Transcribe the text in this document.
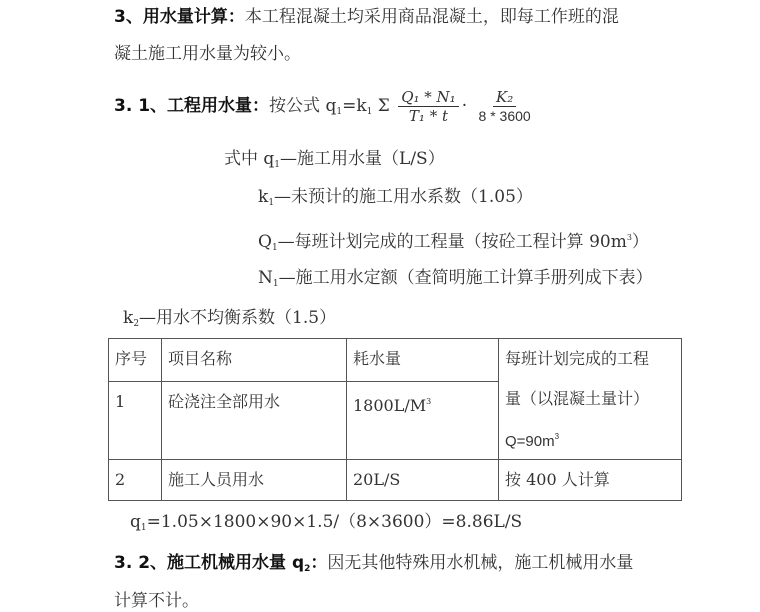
3、用水量计算：本工程混凝土均采用商品混凝土，即每工作班的混
凝土施工用水量为较小。
3. 1、工程用水量：按公式 $q_1=k_1$ Σ $\frac{\text{Q₁ * N₁}}{\text{T₁ * t}} \cdot \frac{\text{K₂}}{8 * 3600}$
式中 $q_1—$施工用水量（L/S）
$k_1—$未预计的施工用水系数（1.05）
$Q_1—$每班计划完成的工程量（按砼工程计算 $90m^3$）
$N_1—$施工用水定额（查简明施工计算手册列成下表）
$k_2—$用水不均衡系数（1.5）
序号	项目名称	耗水量	每班计划完成的工程
量（以混凝土量计）
$Q=90m^3$

1	砼浇注全部用水	$1800L/M^3$
2	施工人员用水	20L/S	按 400 人计算
$q_1=1.05\times 1800\times 90\times 1.5/(8\times 3600)=8.86L/S$
3. 2、施工机械用水量 $q_2$：因无其他特殊用水机械，施工机械用水量
计算不计。
